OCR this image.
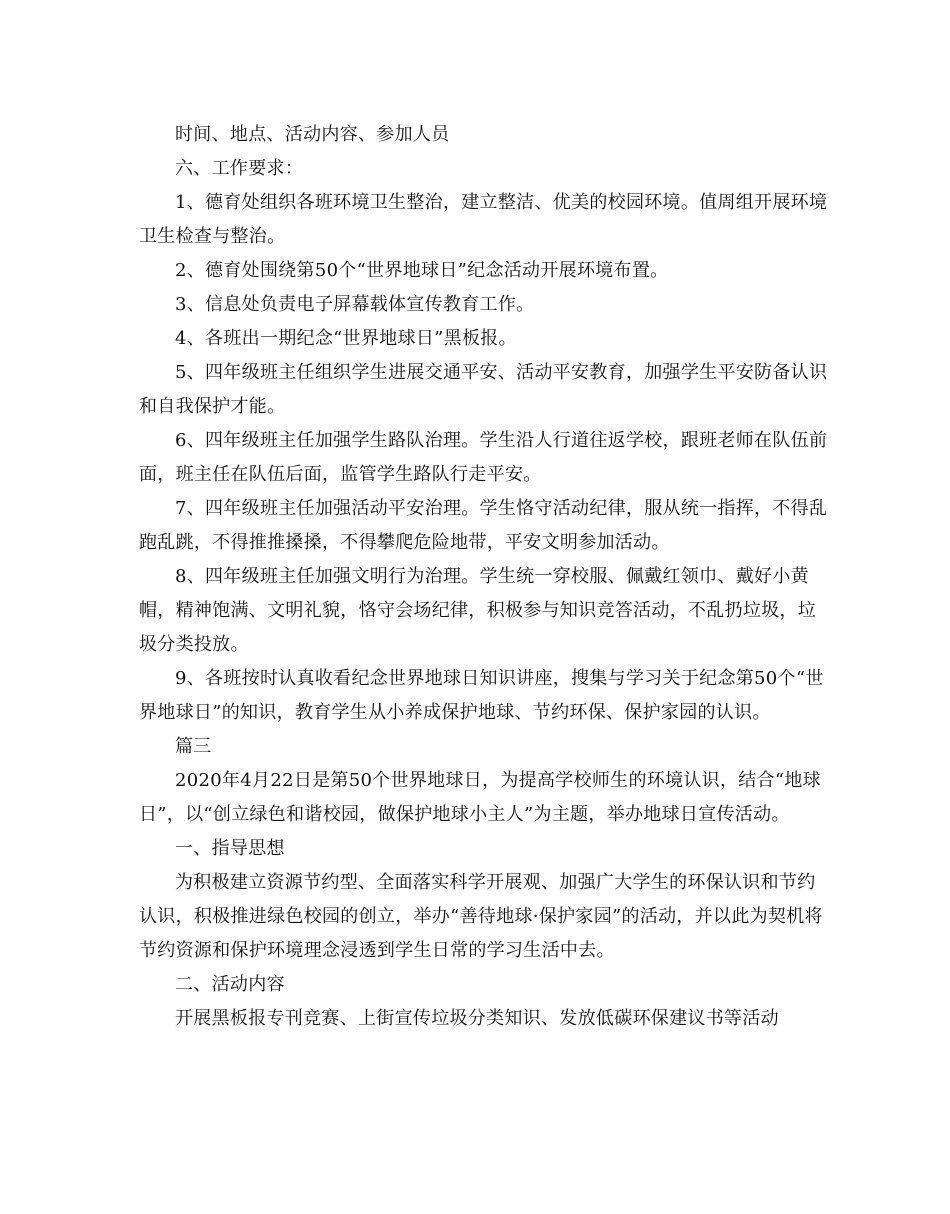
时间、地点、活动内容、参加人员

六、工作要求：

1、德育处组织各班环境卫生整治，建立整洁、优美的校园环境。值周组开展环境卫生检查与整治。

2、德育处围绕第50个“世界地球日”纪念活动开展环境布置。

3、信息处负责电子屏幕载体宣传教育工作。

4、各班出一期纪念“世界地球日”黑板报。

5、四年级班主任组织学生进展交通平安、活动平安教育，加强学生平安防备认识和自我保护才能。

6、四年级班主任加强学生路队治理。学生沿人行道往返学校，跟班老师在队伍前面，班主任在队伍后面，监管学生路队行走平安。

7、四年级班主任加强活动平安治理。学生恪守活动纪律，服从统一指挥，不得乱跑乱跳，不得推推搡搡，不得攀爬危险地带，平安文明参加活动。

8、四年级班主任加强文明行为治理。学生统一穿校服、佩戴红领巾、戴好小黄帽，精神饱满、文明礼貌，恪守会场纪律，积极参与知识竞答活动，不乱扔垃圾，垃圾分类投放。

9、各班按时认真收看纪念世界地球日知识讲座，搜集与学习关于纪念第50个“世界地球日”的知识，教育学生从小养成保护地球、节约环保、保护家园的认识。

篇三

2020年4月22日是第50个世界地球日，为提高学校师生的环境认识，结合“地球日”，以“创立绿色和谐校园，做保护地球小主人”为主题，举办地球日宣传活动。

一、指导思想

为积极建立资源节约型、全面落实科学开展观、加强广大学生的环保认识和节约认识，积极推进绿色校园的创立，举办“善待地球·保护家园”的活动，并以此为契机将节约资源和保护环境理念浸透到学生日常的学习生活中去。

二、活动内容

开展黑板报专刊竞赛、上街宣传垃圾分类知识、发放低碳环保建议书等活动
